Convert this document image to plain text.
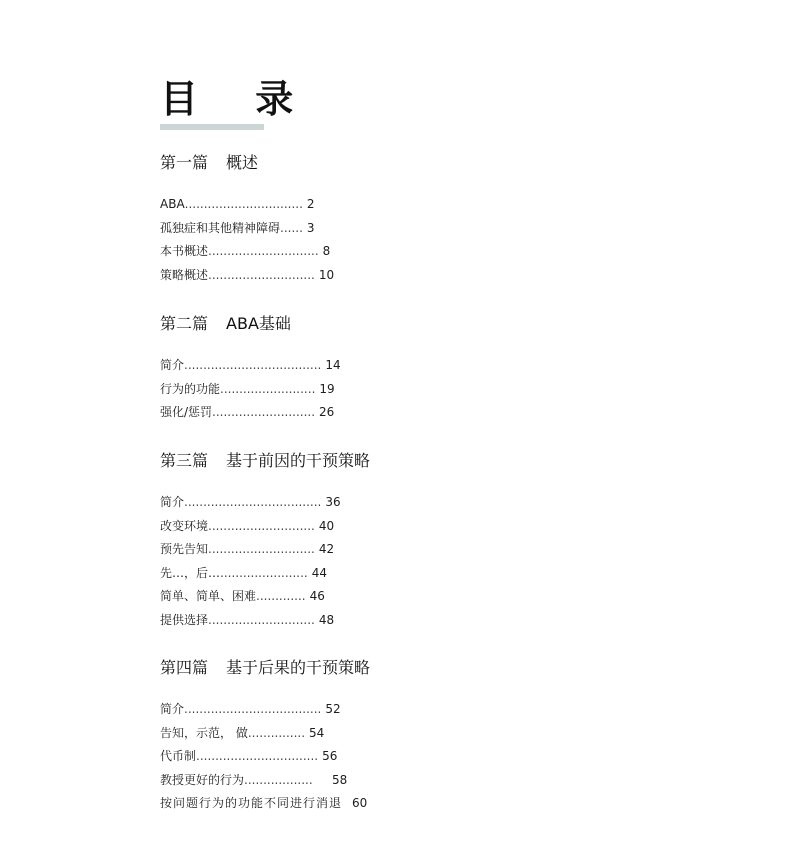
目 录
第一篇 概述
ABA ............................... 2
孤独症和其他精神障碍 ...... 3
本书概述 ............................. 8
策略概述 ............................ 10
第二篇 ABA基础
简介 .................................... 14
行为的功能 ......................... 19
强化/惩罚 ........................... 26
第三篇 基于前因的干预策略
简介 .................................... 36
改变环境 ............................ 40
预先告知 ............................ 42
先…，后… ....................... 44
简单、简单、困难 ............. 46
提供选择 ............................ 48
第四篇 基于后果的干预策略
简介 .................................... 52
告知，示范， 做 ............... 54
代币制 ................................ 56
教授更好的行为 .................. 58
按问题行为的功能不同进行消退 60
